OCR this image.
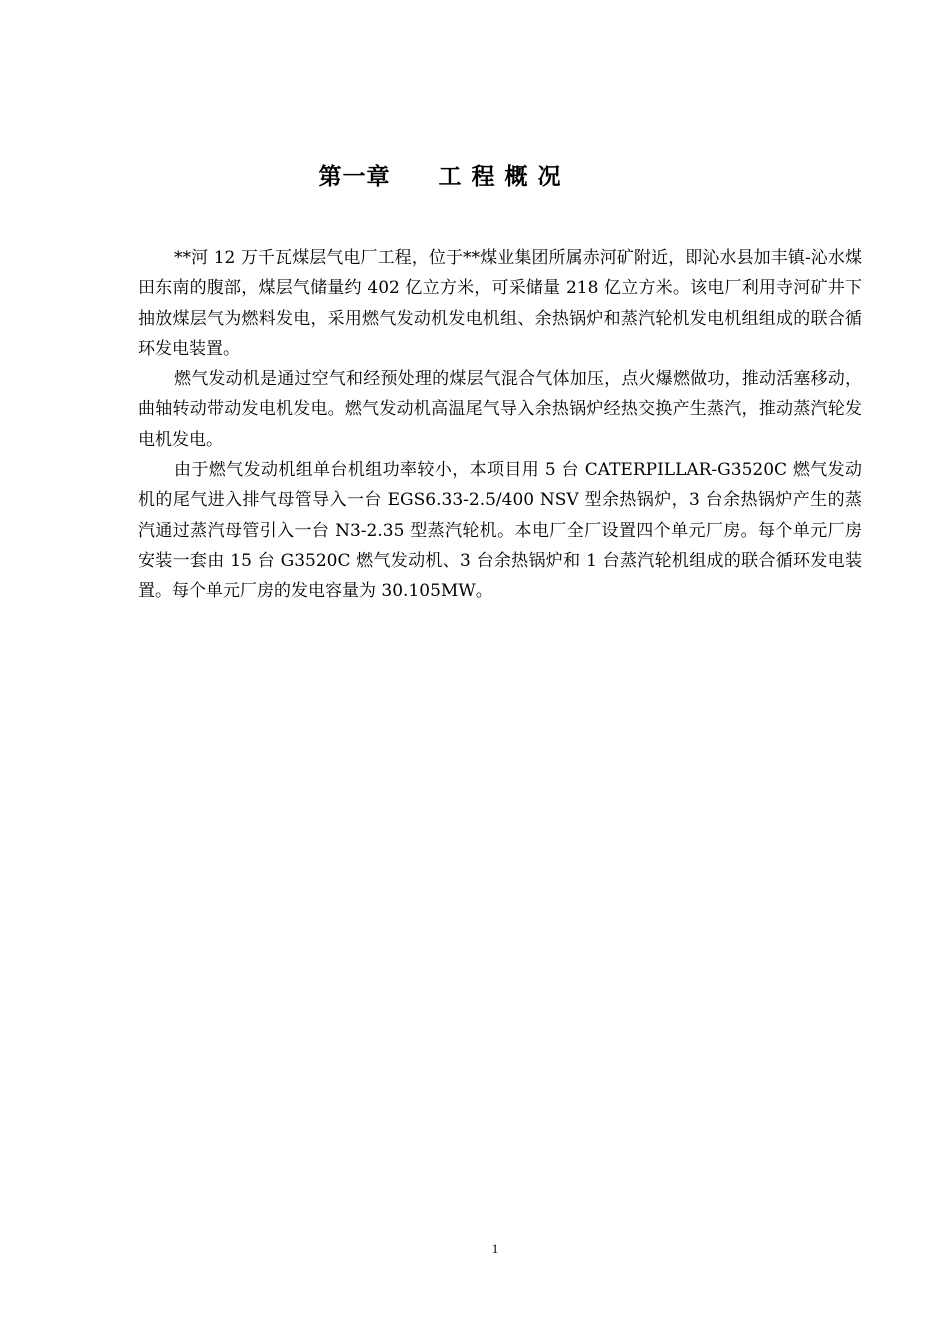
第一章　　工 程 概 况

**河 12 万千瓦煤层气电厂工程，位于**煤业集团所属赤河矿附近，即沁水县加丰镇-沁水煤田东南的腹部，煤层气储量约 402 亿立方米，可采储量 218 亿立方米。该电厂利用寺河矿井下抽放煤层气为燃料发电，采用燃气发动机发电机组、余热锅炉和蒸汽轮机发电机组组成的联合循环发电装置。

燃气发动机是通过空气和经预处理的煤层气混合气体加压，点火爆燃做功，推动活塞移动，曲轴转动带动发电机发电。燃气发动机高温尾气导入余热锅炉经热交换产生蒸汽，推动蒸汽轮发电机发电。

由于燃气发动机组单台机组功率较小，本项目用 5 台 CATERPILLAR-G3520C 燃气发动机的尾气进入排气母管导入一台 EGS6.33-2.5/400 NSV 型余热锅炉，3 台余热锅炉产生的蒸汽通过蒸汽母管引入一台 N3-2.35 型蒸汽轮机。本电厂全厂设置四个单元厂房。每个单元厂房安装一套由 15 台 G3520C 燃气发动机、3 台余热锅炉和 1 台蒸汽轮机组成的联合循环发电装置。每个单元厂房的发电容量为 30.105MW。

1
